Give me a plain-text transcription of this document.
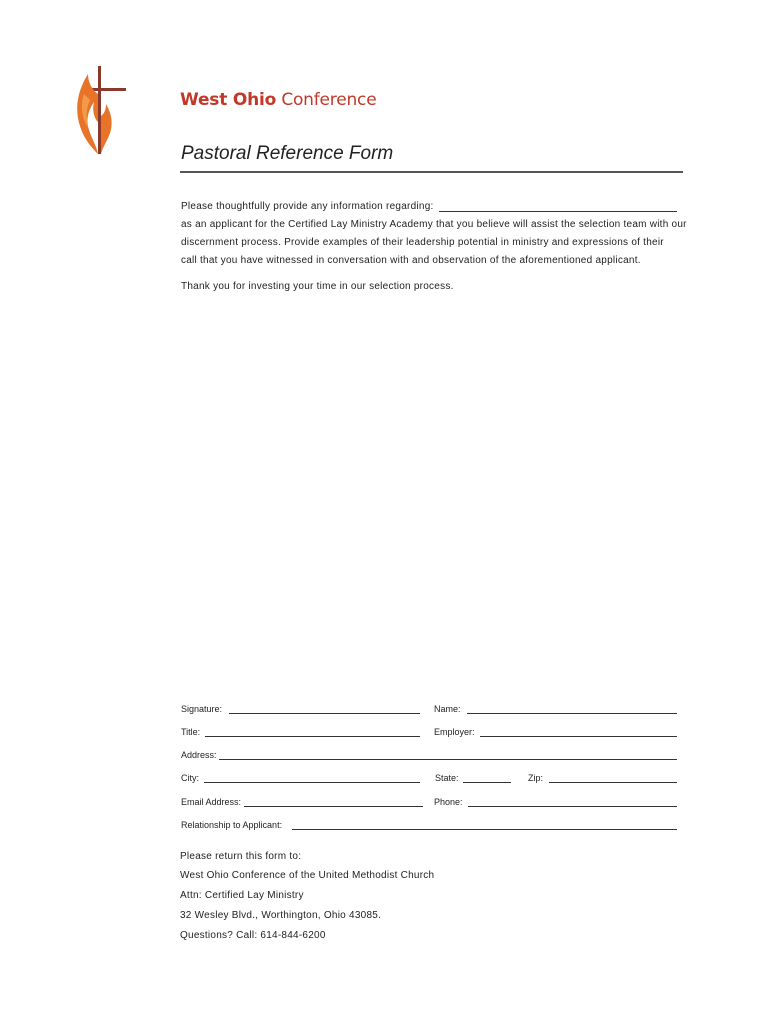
West Ohio Conference
Pastoral Reference Form
Please thoughtfully provide any information regarding:
as an applicant for the Certified Lay Ministry Academy that you believe will assist the selection team with our
discernment process. Provide examples of their leadership potential in ministry and expressions of their
call that you have witnessed in conversation with and observation of the aforementioned applicant.
Thank you for investing your time in our selection process.
Signature:	Name:
Title:	Employer:
Address:
City:	State:	Zip:
Email Address:	Phone:
Relationship to Applicant:
Please return this form to:
West Ohio Conference of the United Methodist Church
Attn: Certified Lay Ministry
32 Wesley Blvd., Worthington, Ohio 43085.
Questions? Call: 614-844-6200
